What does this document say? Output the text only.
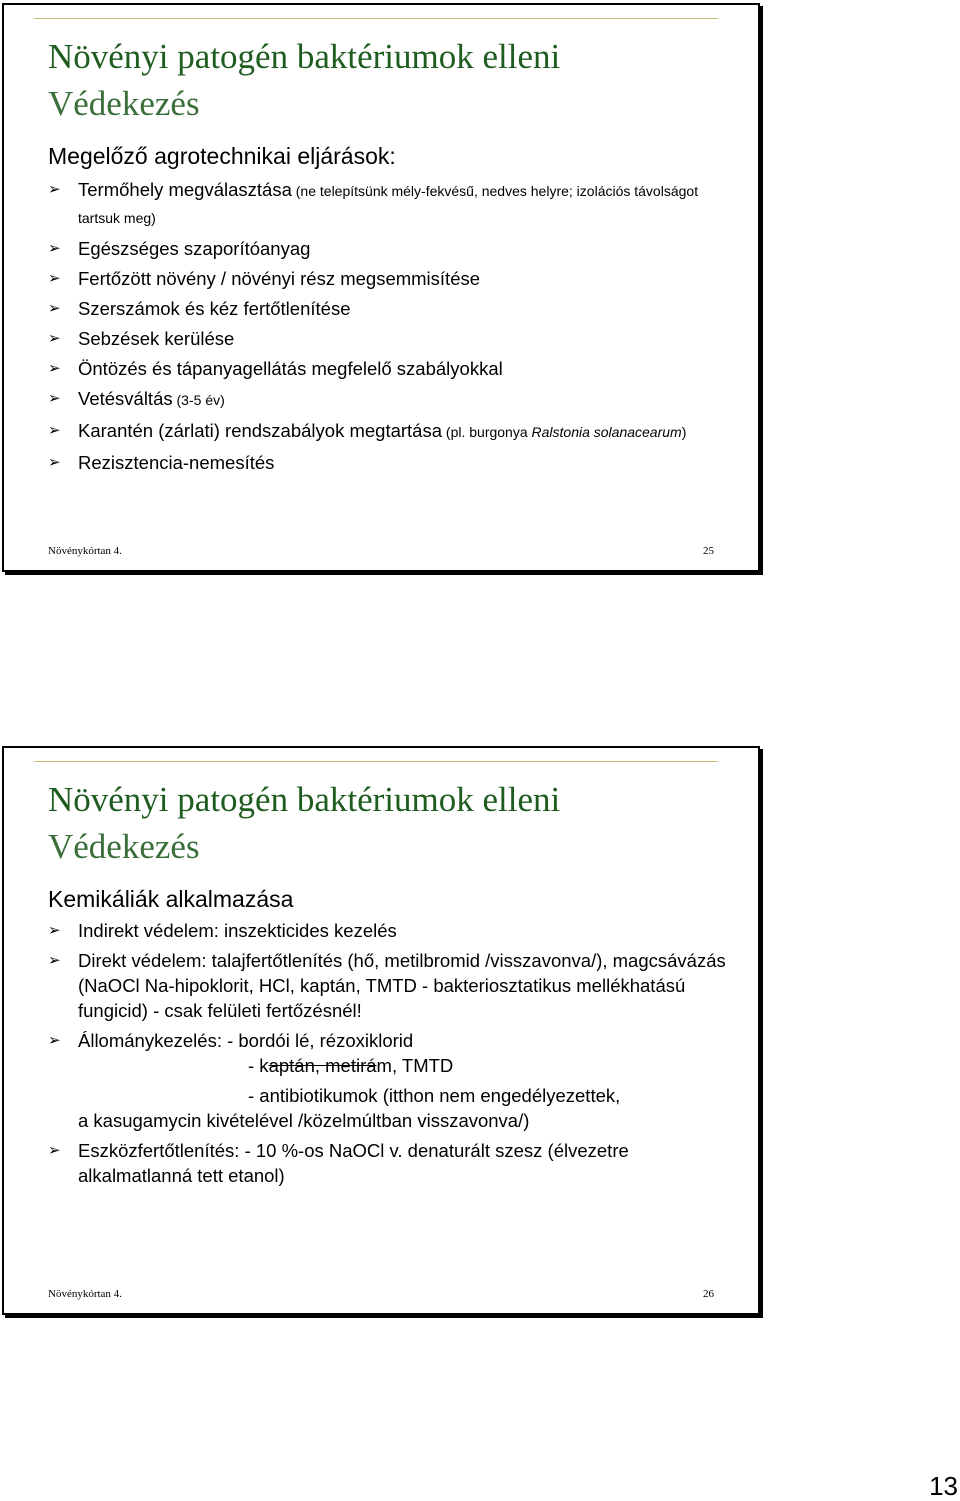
Növényi patogén baktériumok elleni
Védekezés
Megelőző agrotechnikai eljárások:
➢ Termőhely megválasztása (ne telepítsünk mély-fekvésű, nedves helyre; izolációs távolságot tartsuk meg)
➢ Egészséges szaporítóanyag
➢ Fertőzött növény / növényi rész megsemmisítése
➢ Szerszámok és kéz fertőtlenítése
➢ Sebzések kerülése
➢ Öntözés és tápanyagellátás megfelelő szabályokkal
➢ Vetésváltás (3-5 év)
➢ Karantén (zárlati) rendszabályok megtartása (pl. burgonya Ralstonia solanacearum)
➢ Rezisztencia-nemesítés
Növénykórtan 4.	25
Növényi patogén baktériumok elleni
Védekezés
Kemikáliák alkalmazása
➢ Indirekt védelem: inszekticides kezelés
➢ Direkt védelem: talajfertőtlenítés (hő, metilbromid /visszavonva/), magcsávázás (NaOCl Na-hipoklorit, HCl, kaptán, TMTD - bakteriosztatikus mellékhatású fungicid) - csak felületi fertőzésnél!
➢ Állománykezelés: - bordói lé, rézoxiklorid
- kaptán, metirám, TMTD
- antibiotikumok (itthon nem engedélyezettek,
a kasugamycin kivételével /közelmúltban visszavonva/)
➢ Eszközfertőtlenítés: - 10 %-os NaOCl v. denaturált szesz (élvezetre alkalmatlanná tett etanol)
Növénykórtan 4.	26
13
